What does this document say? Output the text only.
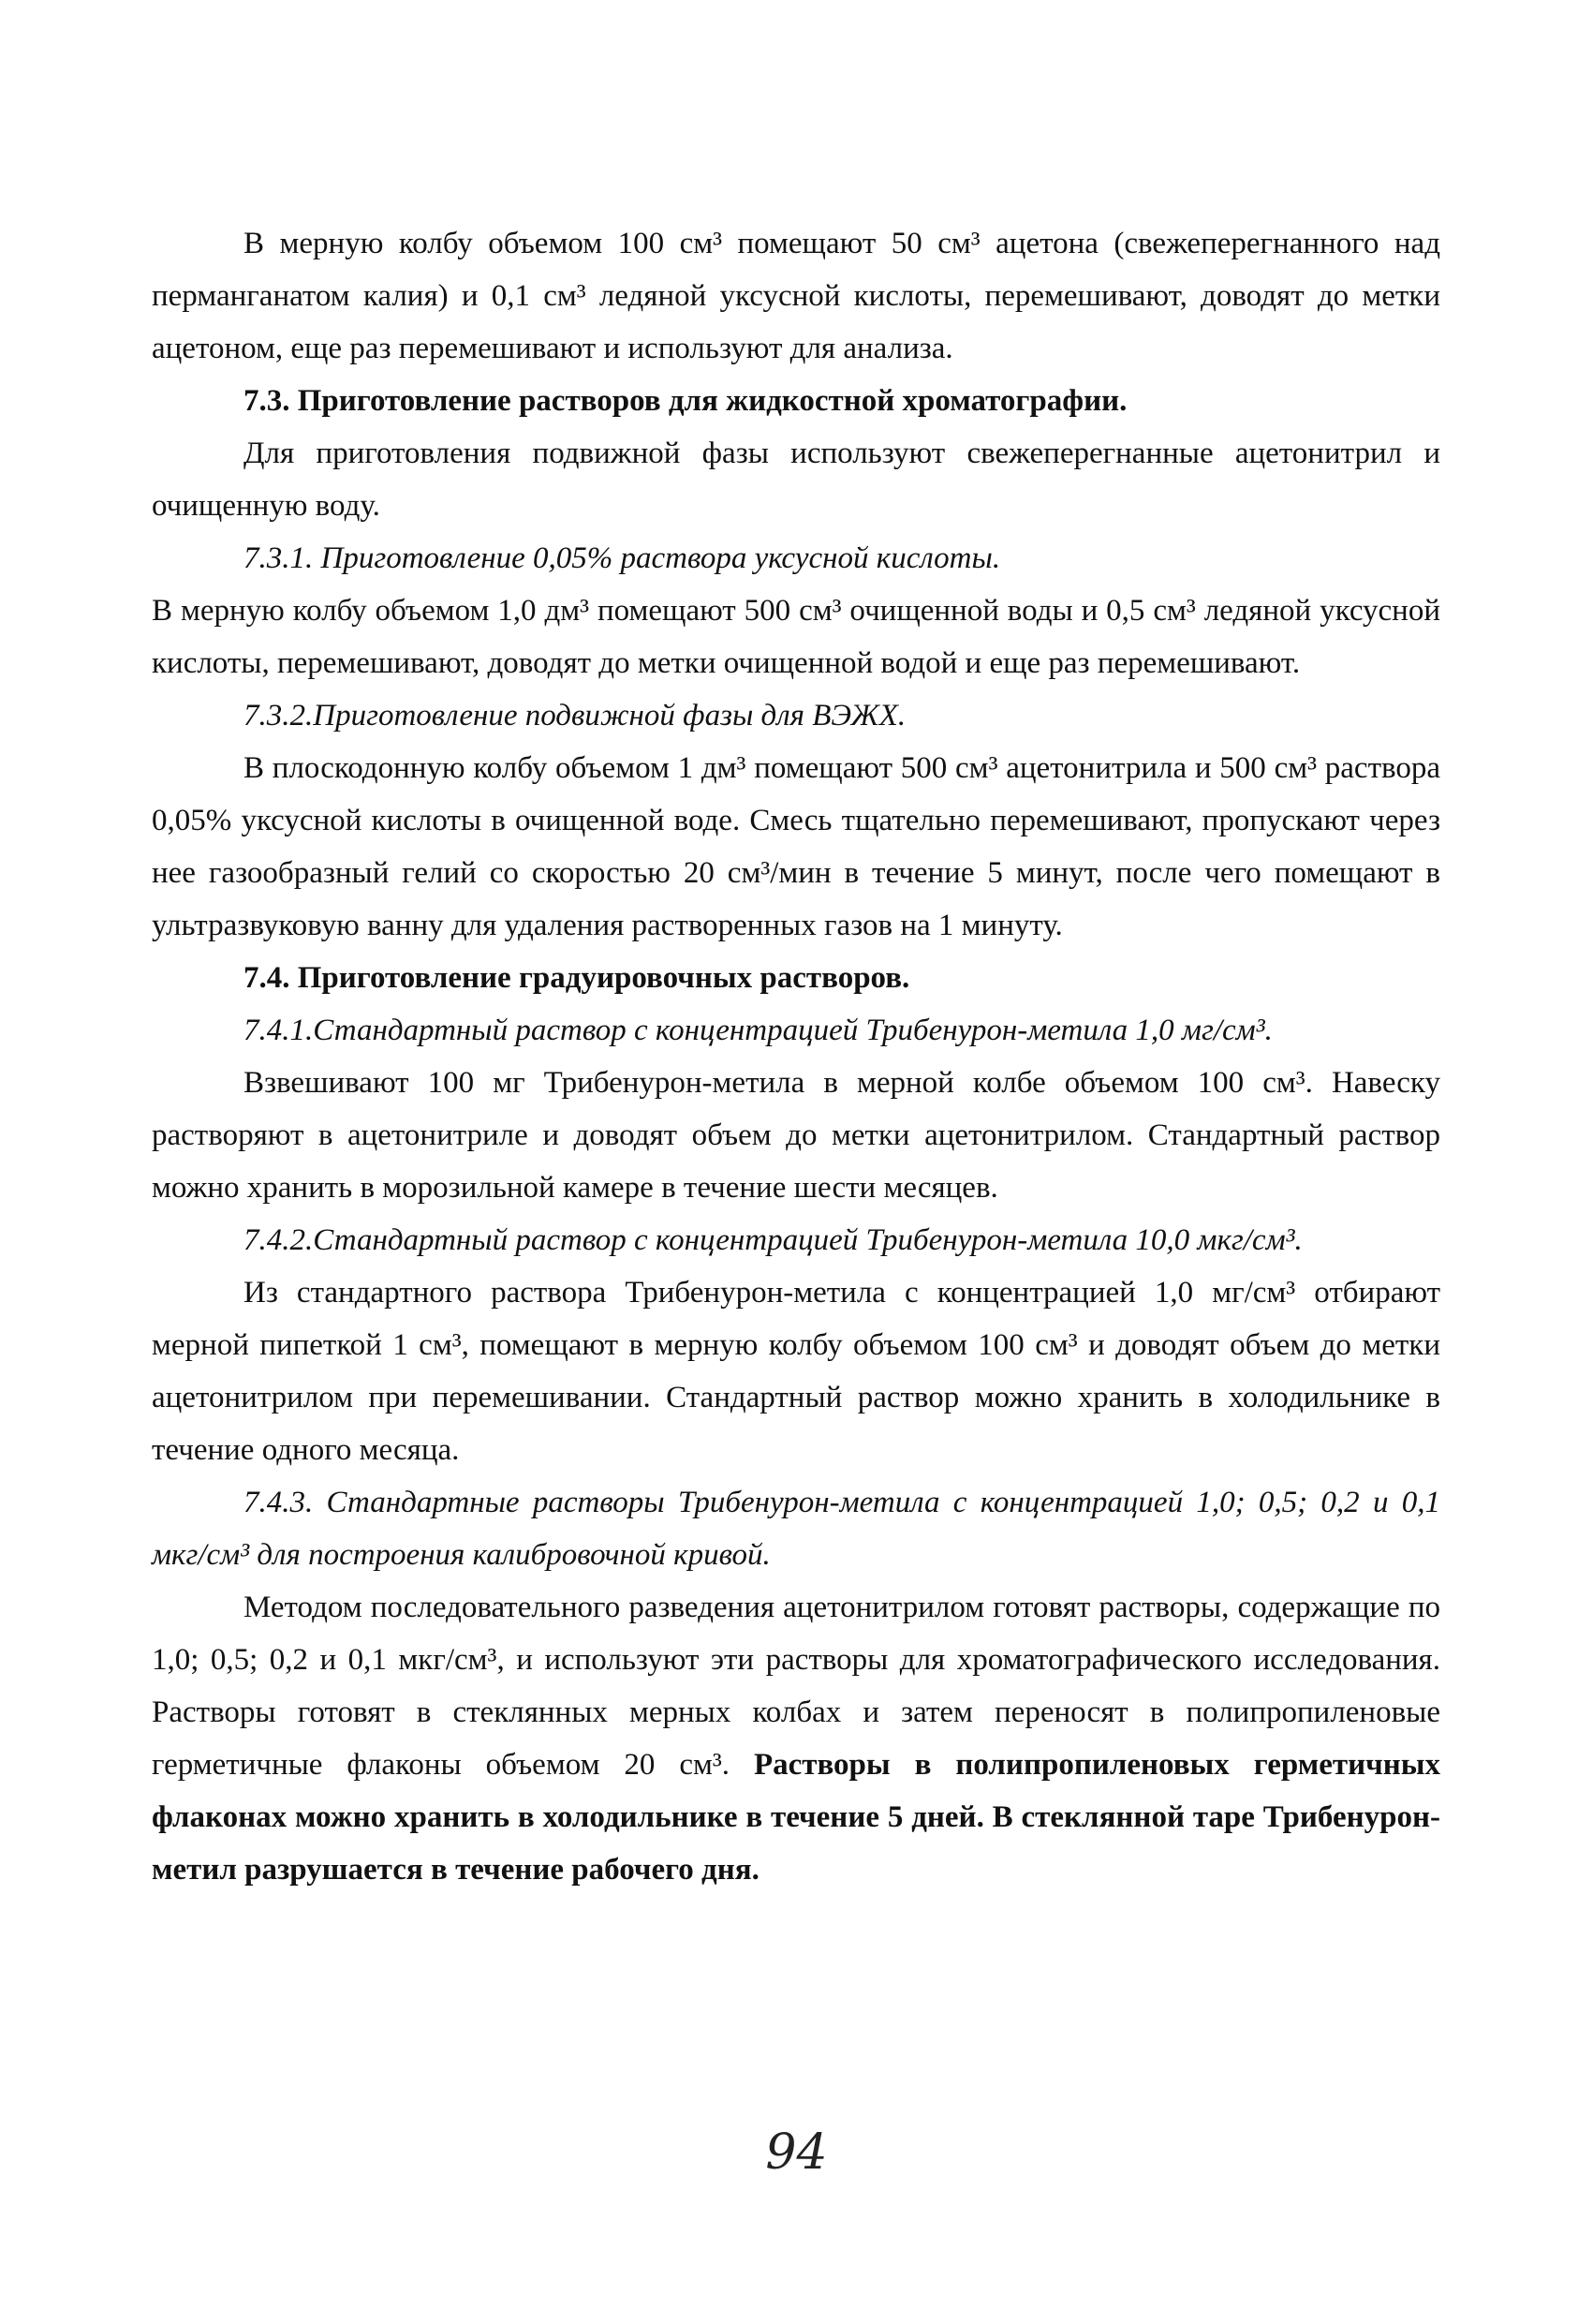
В мерную колбу объемом 100 см³ помещают 50 см³ ацетона (свежеперегнанного над перманганатом калия) и 0,1 см³ ледяной уксусной кислоты, перемешивают, доводят до метки ацетоном, еще раз перемешивают и используют для анализа.

7.3. Приготовление растворов для жидкостной хроматографии.

Для приготовления подвижной фазы используют свежеперегнанные ацетонитрил и очищенную воду.

7.3.1. Приготовление 0,05% раствора уксусной кислоты.

В мерную колбу объемом 1,0 дм³ помещают 500 см³ очищенной воды и 0,5 см³ ледяной уксусной кислоты, перемешивают, доводят до метки очищенной водой и еще раз перемешивают.

7.3.2.Приготовление подвижной фазы для ВЭЖХ.

В плоскодонную колбу объемом 1 дм³ помещают 500 см³ ацетонитрила и 500 см³ раствора 0,05% уксусной кислоты в очищенной воде. Смесь тщательно перемешивают, пропускают через нее газообразный гелий со скоростью 20 см³/мин в течение 5 минут, после чего помещают в ультразвуковую ванну для удаления растворенных газов на 1 минуту.

7.4. Приготовление градуировочных растворов.

7.4.1.Стандартный раствор с концентрацией Трибенурон-метила 1,0 мг/см³.

Взвешивают 100 мг Трибенурон-метила в мерной колбе объемом 100 см³. Навеску растворяют в ацетонитриле и доводят объем до метки ацетонитрилом. Стандартный раствор можно хранить в морозильной камере в течение шести месяцев.

7.4.2.Стандартный раствор с концентрацией Трибенурон-метила 10,0 мкг/см³.

Из стандартного раствора Трибенурон-метила с концентрацией 1,0 мг/см³ отбирают мерной пипеткой 1 см³, помещают в мерную колбу объемом 100 см³ и доводят объем до метки ацетонитрилом при перемешивании. Стандартный раствор можно хранить в холодильнике в течение одного месяца.

7.4.3. Стандартные растворы Трибенурон-метила с концентрацией 1,0; 0,5; 0,2 и 0,1 мкг/см³ для построения калибровочной кривой.

Методом последовательного разведения ацетонитрилом готовят растворы, содержащие по 1,0; 0,5; 0,2 и 0,1 мкг/см³, и используют эти растворы для хроматографического исследования. Растворы готовят в стеклянных мерных колбах и затем переносят в полипропиленовые герметичные флаконы объемом 20 см³. Растворы в полипропиленовых герметичных флаконах можно хранить в холодильнике в течение 5 дней. В стеклянной таре Трибенурон-метил разрушается в течение рабочего дня.

94
